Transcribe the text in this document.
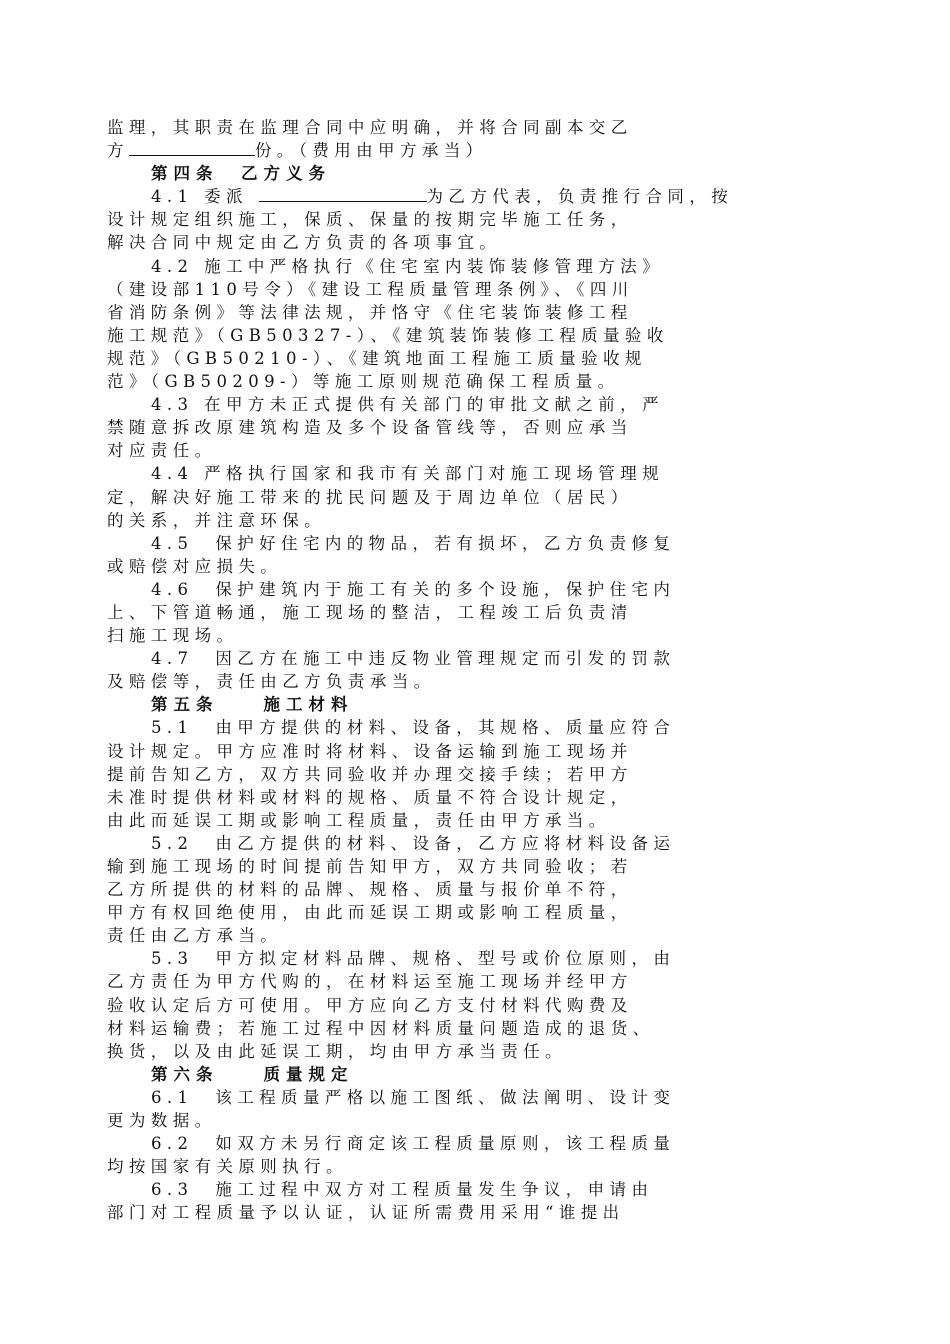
监理，其职责在监理合同中应明确，并将合同副本交乙
方	份。（费用由甲方承当）
第四条　乙方义务
4.1 委派	为乙方代表，负责推行合同，按
设计规定组织施工，保质、保量的按期完毕施工任务，
解决合同中规定由乙方负责的各项事宜。
4.2 施工中严格执行《住宅室内装饰装修管理方法》
（建设部110号令）《建设工程质量管理条例》、《四川
省消防条例》等法律法规，并恪守《住宅装饰装修工程
施工规范》（GB50327-）、《建筑装饰装修工程质量验收
规范》（GB50210-）、《建筑地面工程施工质量验收规
范》（GB50209-）等施工原则规范确保工程质量。
4.3 在甲方未正式提供有关部门的审批文献之前，严
禁随意拆改原建筑构造及多个设备管线等，否则应承当
对应责任。
4.4 严格执行国家和我市有关部门对施工现场管理规
定，解决好施工带来的扰民问题及于周边单位（居民）
的关系，并注意环保。
4.5　保护好住宅内的物品，若有损坏，乙方负责修复
或赔偿对应损失。
4.6　保护建筑内于施工有关的多个设施，保护住宅内
上、下管道畅通，施工现场的整洁，工程竣工后负责清
扫施工现场。
4.7　因乙方在施工中违反物业管理规定而引发的罚款
及赔偿等，责任由乙方负责承当。
第五条　　施工材料
5.1　由甲方提供的材料、设备，其规格、质量应符合
设计规定。甲方应准时将材料、设备运输到施工现场并
提前告知乙方，双方共同验收并办理交接手续；若甲方
未准时提供材料或材料的规格、质量不符合设计规定，
由此而延误工期或影响工程质量，责任由甲方承当。
5.2　由乙方提供的材料、设备，乙方应将材料设备运
输到施工现场的时间提前告知甲方，双方共同验收；若
乙方所提供的材料的品牌、规格、质量与报价单不符，
甲方有权回绝使用，由此而延误工期或影响工程质量，
责任由乙方承当。
5.3　甲方拟定材料品牌、规格、型号或价位原则，由
乙方责任为甲方代购的，在材料运至施工现场并经甲方
验收认定后方可使用。甲方应向乙方支付材料代购费及
材料运输费；若施工过程中因材料质量问题造成的退货、
换货，以及由此延误工期，均由甲方承当责任。
第六条　　质量规定
6.1　该工程质量严格以施工图纸、做法阐明、设计变
更为数据。
6.2　如双方未另行商定该工程质量原则，该工程质量
均按国家有关原则执行。
6.3　施工过程中双方对工程质量发生争议，申请由
部门对工程质量予以认证，认证所需费用采用“谁提出
